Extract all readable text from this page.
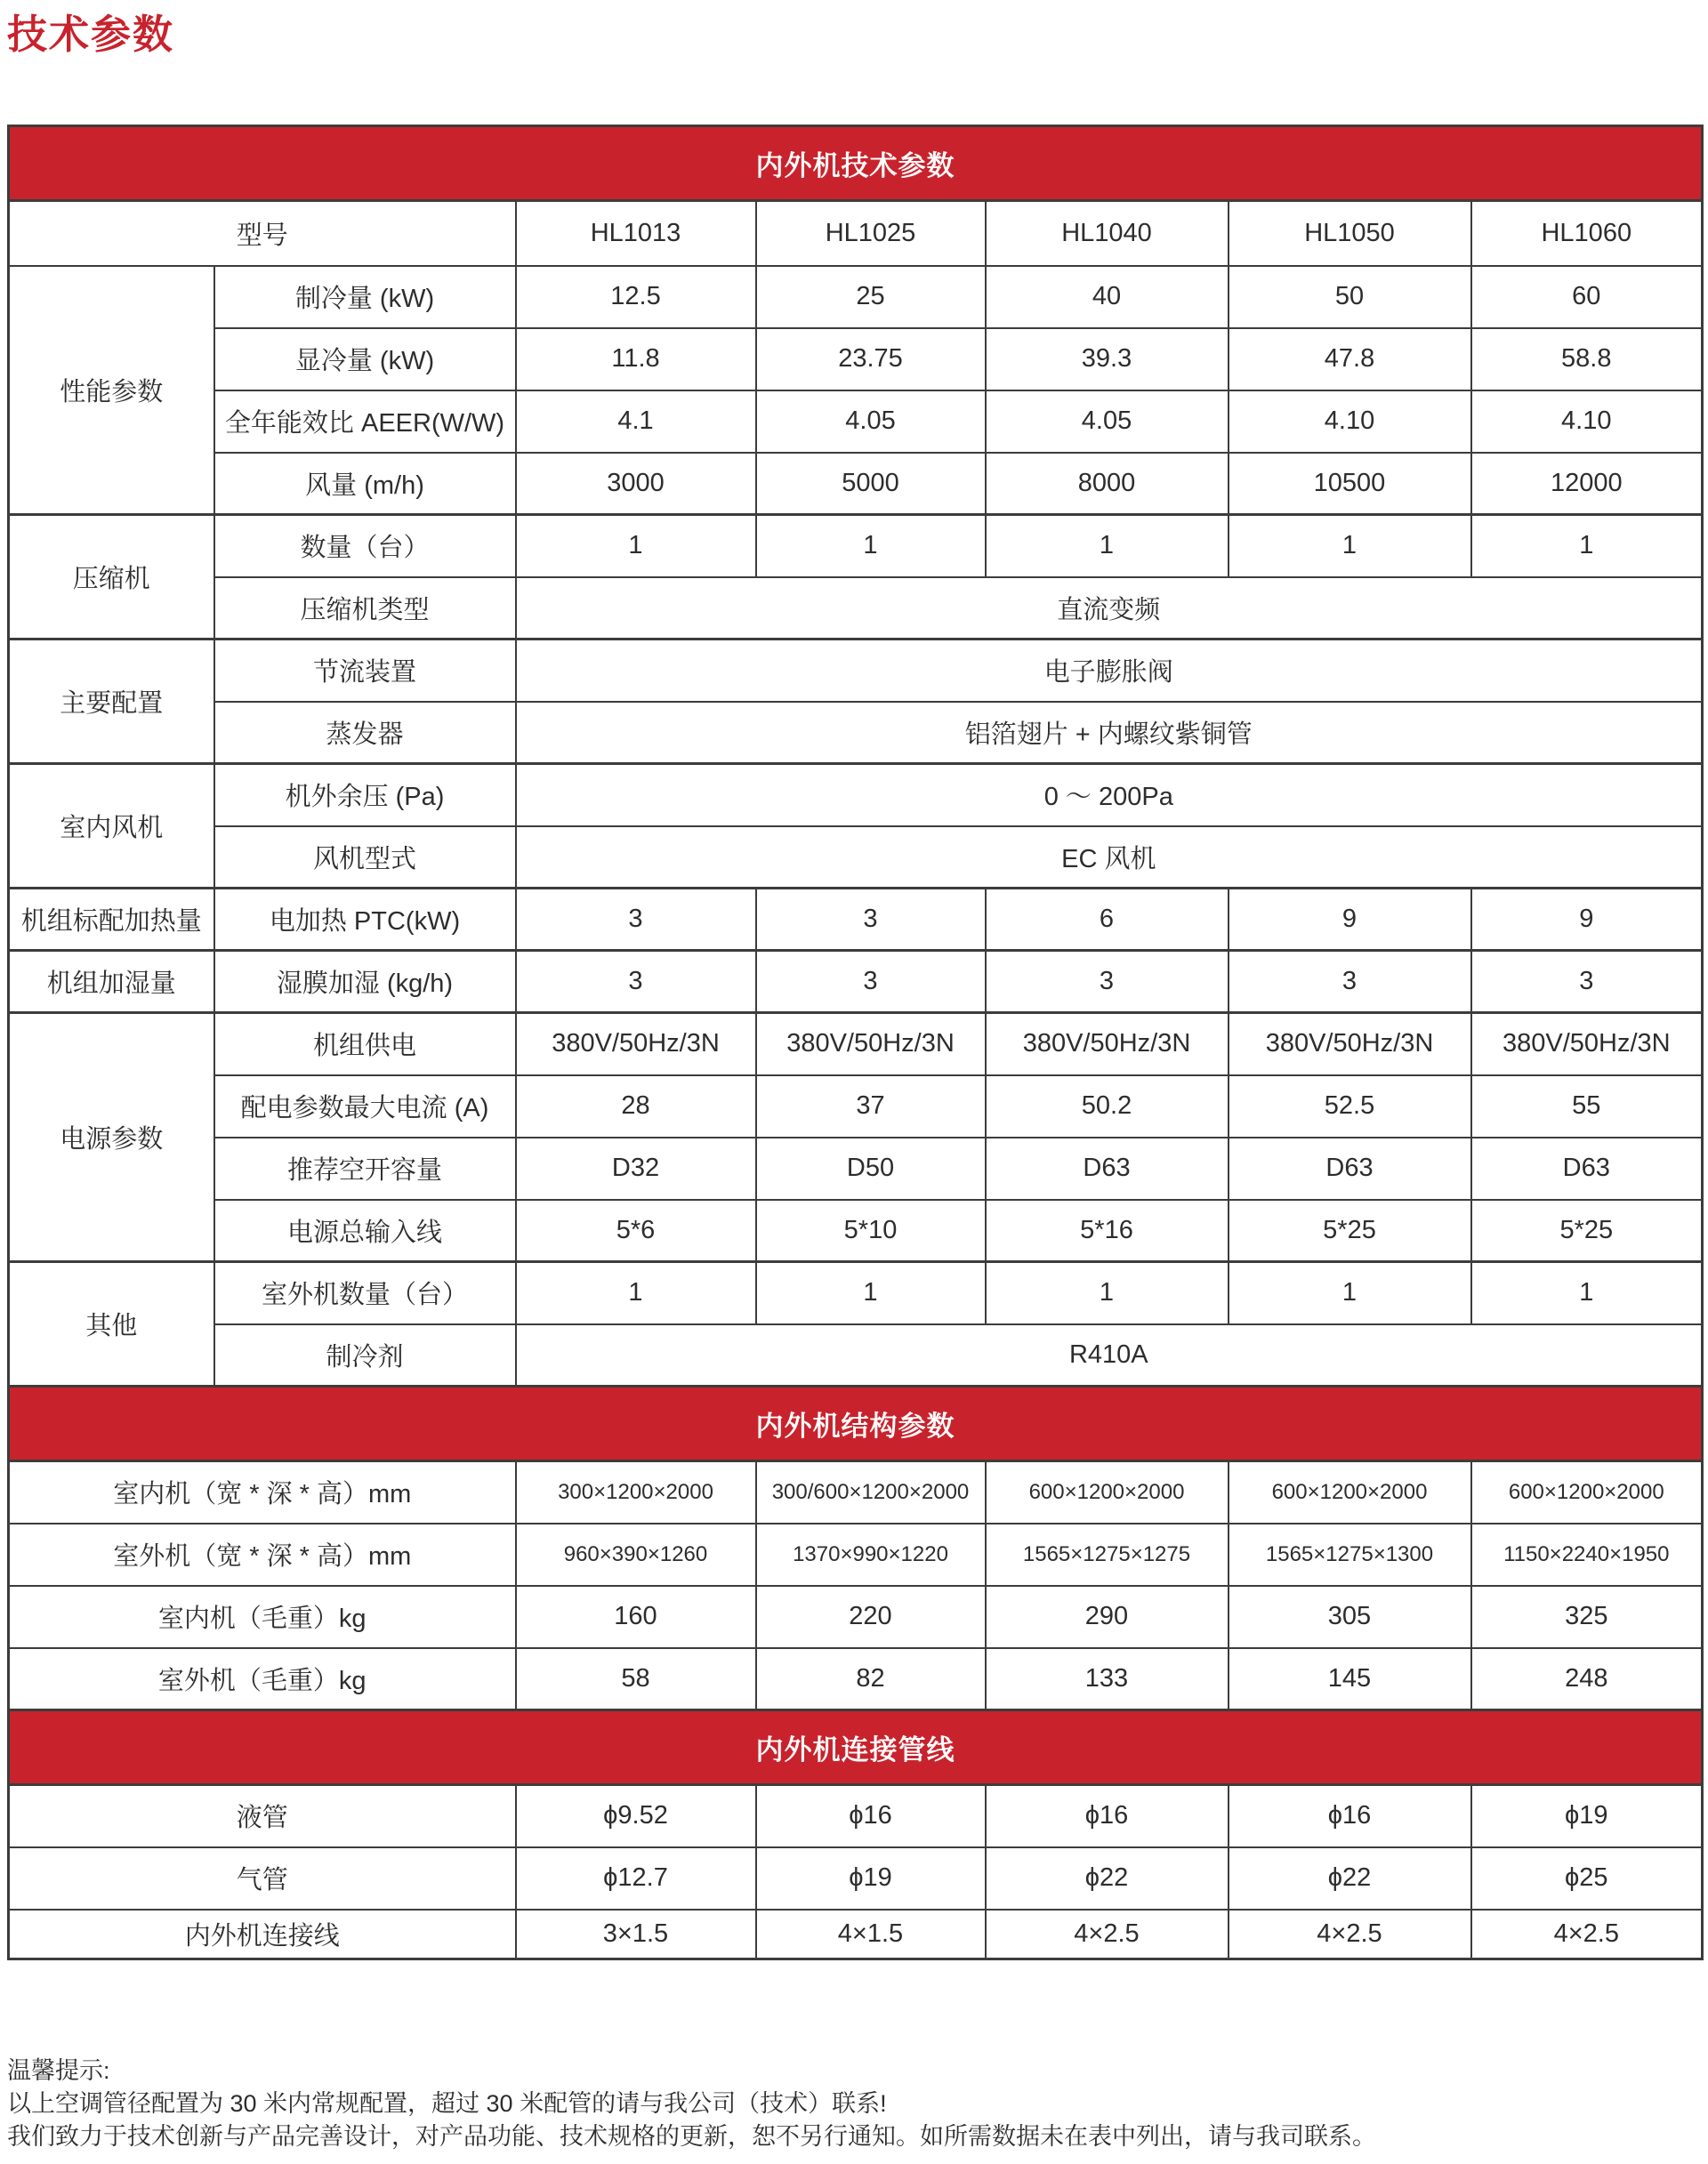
技术参数
内外机技术参数						
型号		HL1013	HL1025	HL1040	HL1050	HL1060
性能参数	制冷量 (kW)	12.5	25	40	50	60
	显冷量 (kW)	11.8	23.75	39.3	47.8	58.8
	全年能效比 AEER(W/W)	4.1	4.05	4.05	4.10	4.10
	风量 (m/h)	3000	5000	8000	10500	12000
压缩机	数量（台）	1	1	1	1	1
	压缩机类型	直流变频				
主要配置	节流装置	电子膨胀阀				
	蒸发器	铝箔翅片 + 内螺纹紫铜管				
室内风机	机外余压 (Pa)	0 ～ 200Pa				
	风机型式	EC 风机				
机组标配加热量	电加热 PTC(kW)	3	3	6	9	9
机组加湿量	湿膜加湿 (kg/h)	3	3	3	3	3
电源参数	机组供电	380V/50Hz/3N	380V/50Hz/3N	380V/50Hz/3N	380V/50Hz/3N	380V/50Hz/3N
	配电参数最大电流 (A)	28	37	50.2	52.5	55
	推荐空开容量	D32	D50	D63	D63	D63
	电源总输入线	5*6	5*10	5*16	5*25	5*25
其他	室外机数量（台）	1	1	1	1	1
	制冷剂	R410A				
内外机结构参数						
室内机（宽 * 深 * 高）mm		300×1200×2000	300/600×1200×2000	600×1200×2000	600×1200×2000	600×1200×2000
室外机（宽 * 深 * 高）mm		960×390×1260	1370×990×1220	1565×1275×1275	1565×1275×1300	1150×2240×1950
室内机（毛重）kg		160	220	290	305	325
室外机（毛重）kg		58	82	133	145	248
内外机连接管线						
液管		ϕ9.52	ϕ16	ϕ16	ϕ16	ϕ19
气管		ϕ12.7	ϕ19	ϕ22	ϕ22	ϕ25
内外机连接线		3×1.5	4×1.5	4×2.5	4×2.5	4×2.5
温馨提示:
以上空调管径配置为 30 米内常规配置，超过 30 米配管的请与我公司（技术）联系!
我们致力于技术创新与产品完善设计，对产品功能、技术规格的更新，恕不另行通知。如所需数据未在表中列出，请与我司联系。
